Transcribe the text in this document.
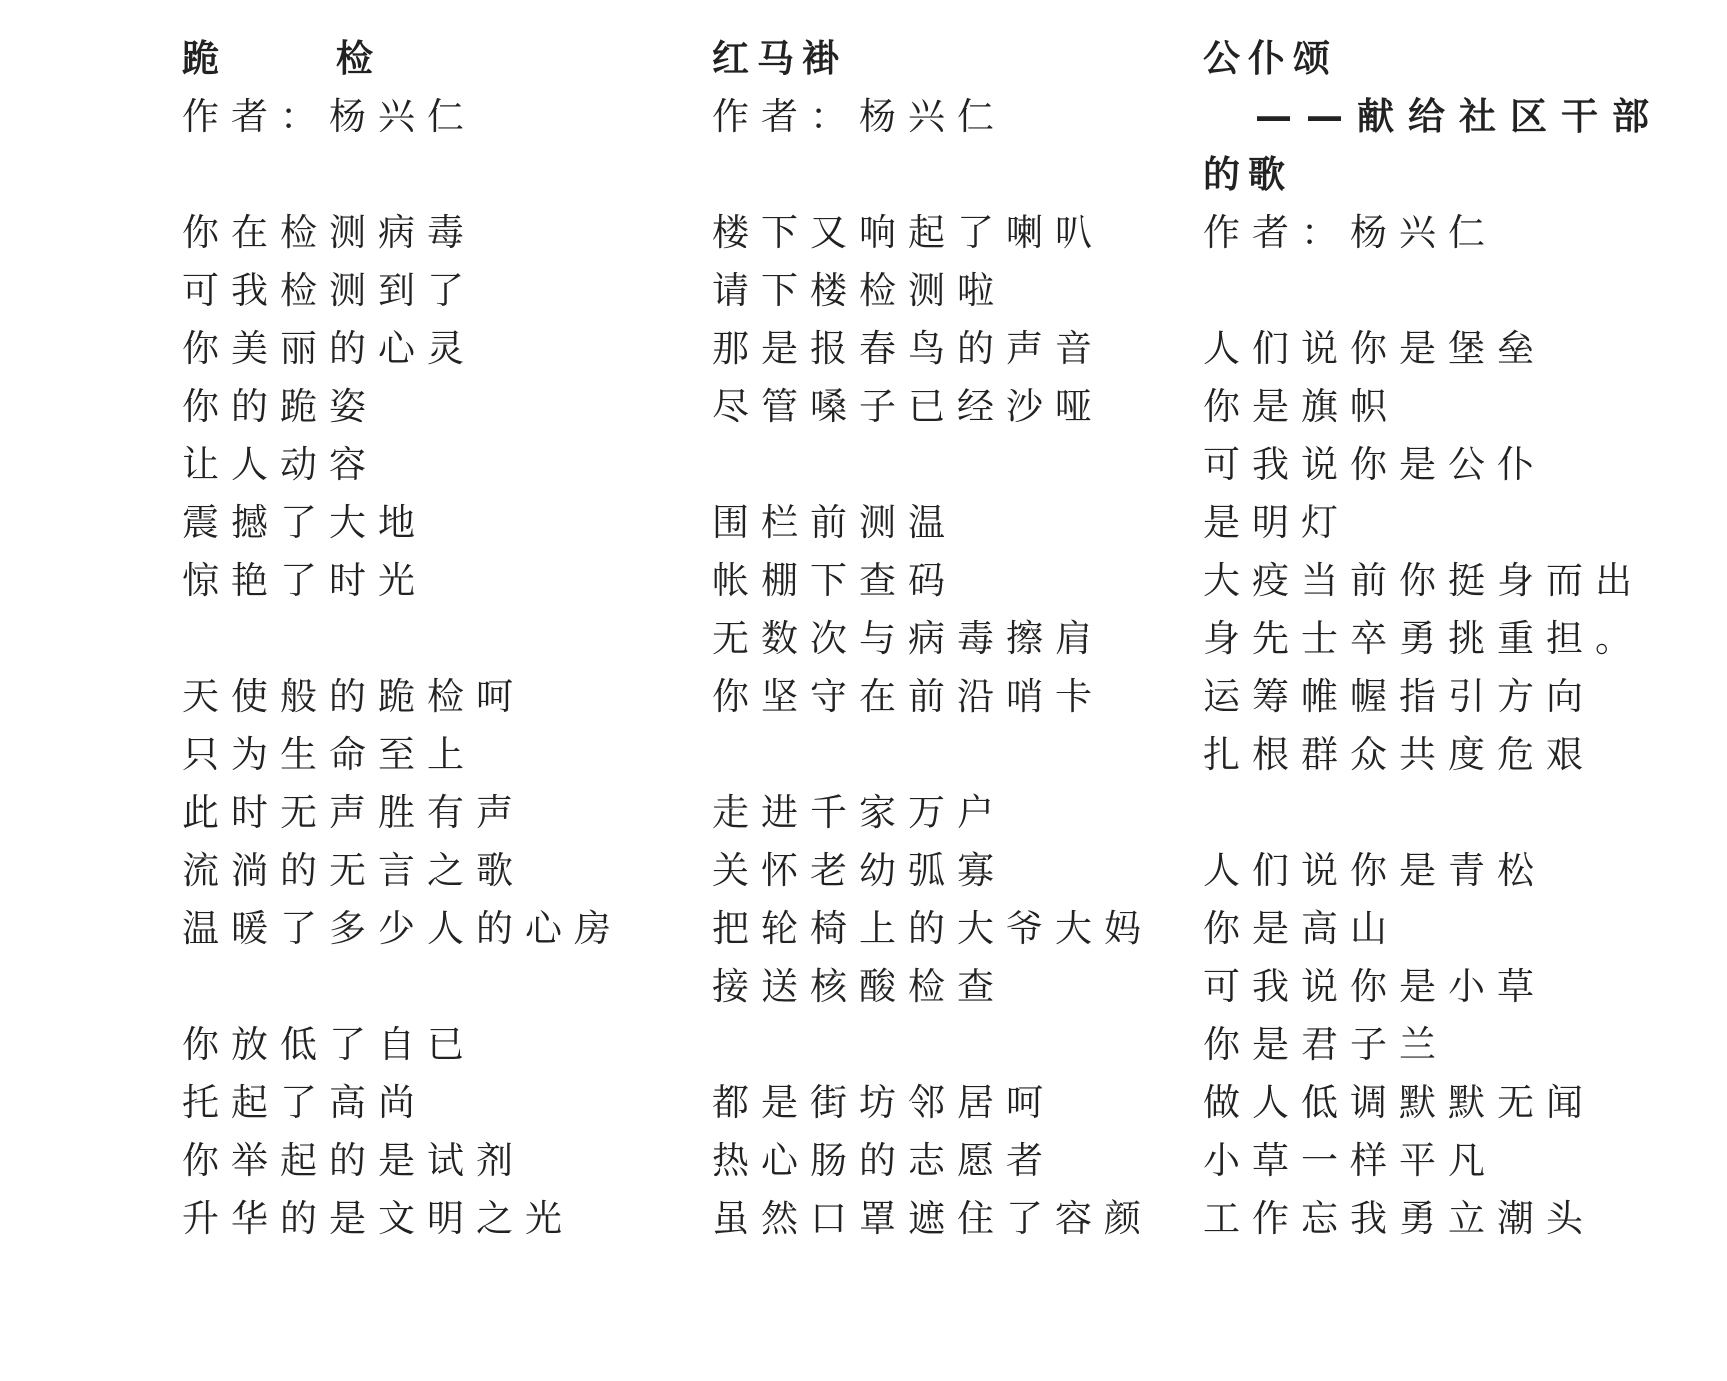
跪 检
作者：杨兴仁
你在检测病毒
可我检测到了
你美丽的心灵
你的跪姿
让人动容
震撼了大地
惊艳了时光
天使般的跪检呵
只为生命至上
此时无声胜有声
流淌的无言之歌
温暖了多少人的心房
你放低了自已
托起了高尚
你举起的是试剂
升华的是文明之光
红马褂
作者：杨兴仁
楼下又响起了喇叭
请下楼检测啦
那是报春鸟的声音
尽管嗓子已经沙哑
围栏前测温
帐棚下查码
无数次与病毒擦肩
你坚守在前沿哨卡
走进千家万户
关怀老幼弧寡
把轮椅上的大爷大妈
接送核酸检查
都是街坊邻居呵
热心肠的志愿者
虽然口罩遮住了容颜
公仆颂
——献给社区干部
的歌
作者：杨兴仁
人们说你是堡垒
你是旗帜
可我说你是公仆
是明灯
大疫当前你挺身而出
身先士卒勇挑重担。
运筹帷幄指引方向
扎根群众共度危艰
人们说你是青松
你是高山
可我说你是小草
你是君子兰
做人低调默默无闻
小草一样平凡
工作忘我勇立潮头
